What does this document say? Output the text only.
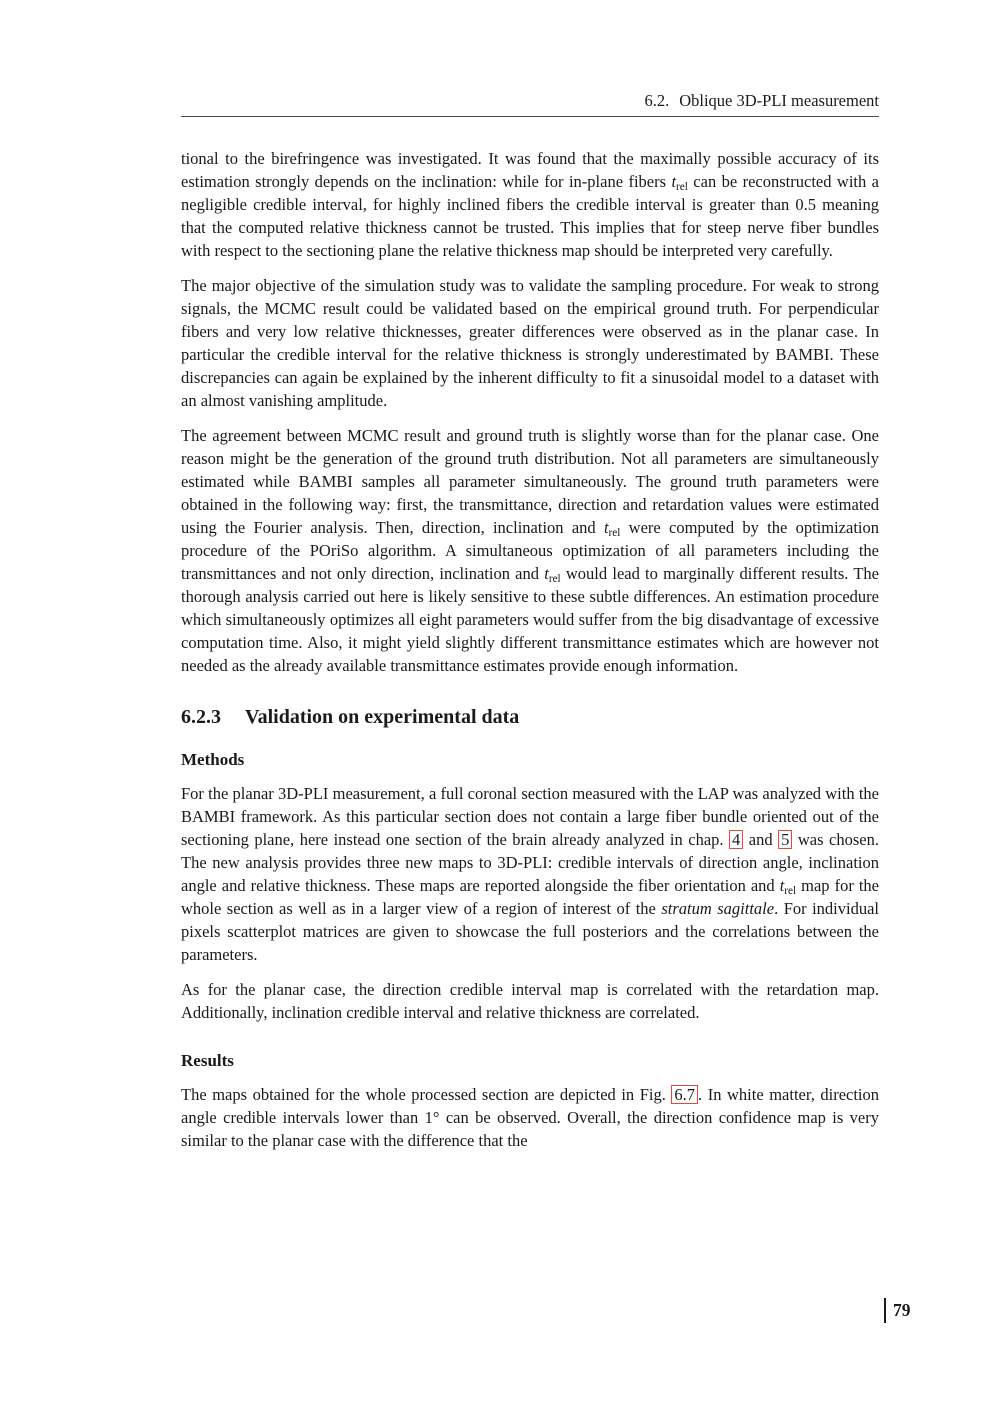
6.2. Oblique 3D-PLI measurement

tional to the birefringence was investigated. It was found that the maximally possible accuracy of its estimation strongly depends on the inclination: while for in-plane fibers $t_{rel}$ can be reconstructed with a negligible credible interval, for highly inclined fibers the credible interval is greater than 0.5 meaning that the computed relative thickness cannot be trusted. This implies that for steep nerve fiber bundles with respect to the sectioning plane the relative thickness map should be interpreted very carefully.

The major objective of the simulation study was to validate the sampling procedure. For weak to strong signals, the MCMC result could be validated based on the empirical ground truth. For perpendicular fibers and very low relative thicknesses, greater differences were observed as in the planar case. In particular the credible interval for the relative thickness is strongly underestimated by BAMBI. These discrepancies can again be explained by the inherent difficulty to fit a sinusoidal model to a dataset with an almost vanishing amplitude.

The agreement between MCMC result and ground truth is slightly worse than for the planar case. One reason might be the generation of the ground truth distribution. Not all parameters are simultaneously estimated while BAMBI samples all parameter simultaneously. The ground truth parameters were obtained in the following way: first, the transmittance, direction and retardation values were estimated using the Fourier analysis. Then, direction, inclination and $t_{rel}$ were computed by the optimization procedure of the POriSo algorithm. A simultaneous optimization of all parameters including the transmittances and not only direction, inclination and $t_{rel}$ would lead to marginally different results. The thorough analysis carried out here is likely sensitive to these subtle differences. An estimation procedure which simultaneously optimizes all eight parameters would suffer from the big disadvantage of excessive computation time. Also, it might yield slightly different transmittance estimates which are however not needed as the already available transmittance estimates provide enough information.

6.2.3 Validation on experimental data
Methods

For the planar 3D-PLI measurement, a full coronal section measured with the LAP was analyzed with the BAMBI framework. As this particular section does not contain a large fiber bundle oriented out of the sectioning plane, here instead one section of the brain already analyzed in chap. 4 and 5 was chosen. The new analysis provides three new maps to 3D-PLI: credible intervals of direction angle, inclination angle and relative thickness. These maps are reported alongside the fiber orientation and $t_{rel}$ map for the whole section as well as in a larger view of a region of interest of the stratum sagittale. For individual pixels scatterplot matrices are given to showcase the full posteriors and the correlations between the parameters.

As for the planar case, the direction credible interval map is correlated with the retardation map. Additionally, inclination credible interval and relative thickness are correlated.

Results

The maps obtained for the whole processed section are depicted in Fig. 6.7 . In white matter, direction angle credible intervals lower than 1° can be observed. Overall, the direction confidence map is very similar to the planar case with the difference that the

79
